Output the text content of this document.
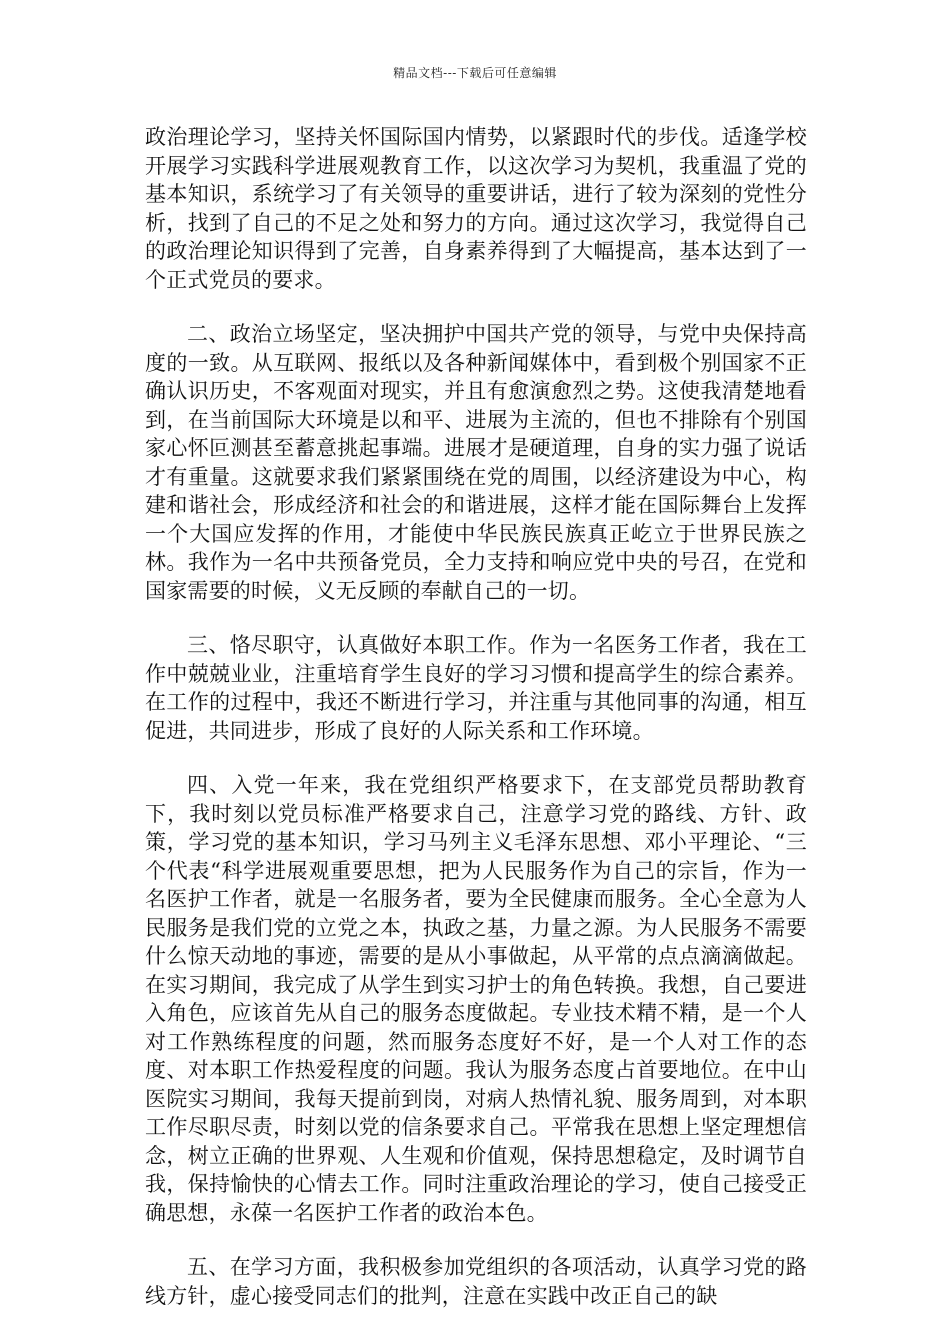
精品文档---下载后可任意编辑

政治理论学习，坚持关怀国际国内情势，以紧跟时代的步伐。适逢学校开展学习实践科学进展观教育工作，以这次学习为契机，我重温了党的基本知识，系统学习了有关领导的重要讲话，进行了较为深刻的党性分析，找到了自己的不足之处和努力的方向。通过这次学习，我觉得自己的政治理论知识得到了完善，自身素养得到了大幅提高，基本达到了一个正式党员的要求。

二、政治立场坚定，坚决拥护中国共产党的领导，与党中央保持高度的一致。从互联网、报纸以及各种新闻媒体中，看到极个别国家不正确认识历史，不客观面对现实，并且有愈演愈烈之势。这使我清楚地看到，在当前国际大环境是以和平、进展为主流的，但也不排除有个别国家心怀叵测甚至蓄意挑起事端。进展才是硬道理，自身的实力强了说话才有重量。这就要求我们紧紧围绕在党的周围，以经济建设为中心，构建和谐社会，形成经济和社会的和谐进展，这样才能在国际舞台上发挥一个大国应发挥的作用，才能使中华民族民族真正屹立于世界民族之林。我作为一名中共预备党员，全力支持和响应党中央的号召，在党和国家需要的时候，义无反顾的奉献自己的一切。

三、恪尽职守，认真做好本职工作。作为一名医务工作者，我在工作中兢兢业业，注重培育学生良好的学习习惯和提高学生的综合素养。在工作的过程中，我还不断进行学习，并注重与其他同事的沟通，相互促进，共同进步，形成了良好的人际关系和工作环境。

四、入党一年来，我在党组织严格要求下，在支部党员帮助教育下，我时刻以党员标准严格要求自己，注意学习党的路线、方针、政策，学习党的基本知识，学习马列主义毛泽东思想、邓小平理论、“三个代表“科学进展观重要思想，把为人民服务作为自己的宗旨，作为一名医护工作者，就是一名服务者，要为全民健康而服务。全心全意为人民服务是我们党的立党之本，执政之基，力量之源。为人民服务不需要什么惊天动地的事迹，需要的是从小事做起，从平常的点点滴滴做起。在实习期间，我完成了从学生到实习护士的角色转换。我想，自己要进入角色，应该首先从自己的服务态度做起。专业技术精不精，是一个人对工作熟练程度的问题，然而服务态度好不好，是一个人对工作的态度、对本职工作热爱程度的问题。我认为服务态度占首要地位。在中山医院实习期间，我每天提前到岗，对病人热情礼貌、服务周到，对本职工作尽职尽责，时刻以党的信条要求自己。平常我在思想上坚定理想信念，树立正确的世界观、人生观和价值观，保持思想稳定，及时调节自我，保持愉快的心情去工作。同时注重政治理论的学习，使自己接受正确思想，永葆一名医护工作者的政治本色。

五、在学习方面，我积极参加党组织的各项活动，认真学习党的路线方针，虚心接受同志们的批判，注意在实践中改正自己的缺
